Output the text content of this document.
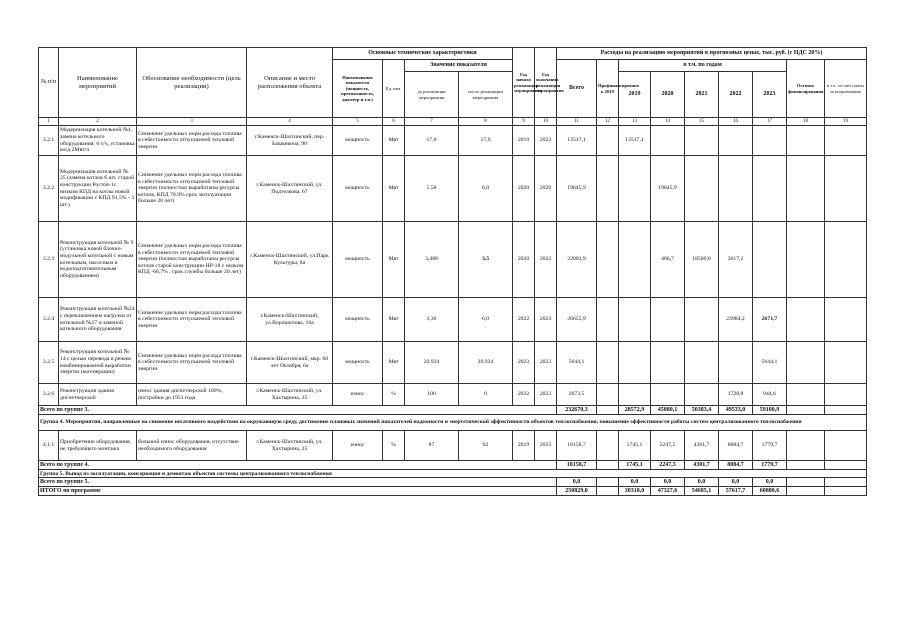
№ п/п	Наименование мероприятий	Обоснование необходимости (цель реализации)	Описание и место расположения объекта	Основные технические характеристики				Год начала реализации мероприятия	Год окончания реализации мероприятия	Расходы на реализацию мероприятий в прогнозных ценах, тыс. руб. (с НДС 20%)								
				Наименование показателя (мощность, протяженность, диаметр и т.п.)	Ед. изм.	Значение показателя				Всего	Профинансировано к 2019	в т.ч. по годам					Остаток финансирования	в т.ч. за счет платы за подключение
						до реализации мероприятия	после реализации мероприятия					2019	2020	2021	2022	2023		
1	2	3	4	5	6	7	8	9	10	11	12	13	14	15	16	17	18	19
3.2.1	Модернизация котельной №1, замена котельного оборудования: 6 т/ч, установка когд 2Мвт/ч	Снижение удельных норм расхода топлива в себестоимости отпускаемой тепловой энергии	г.Каменск-Шахтинский, пер. Башкевича, 90	мощность	Мвт	17,0	17,0	2019	2023	13517,1		13517,1						
3.2.2	Модернизация котельной № 25 (замена котлов 6 шт. старой конструкции Ростов-1с низким КПД на котлы новой модификации с КПД 91,5% - 3 шт.)	Снижение удельных норм расхода топлива в себестоимости отпускаемой тепловой энергии (полностью выработаны ресурсы котлов, КПД 78.9% срок эксплуатации больше 20 лет)	г.Каменск-Шахтинский, ул. Подтелкова, 67	мощность	Мвт	5,58	6,0	2020	2020	19645,9			19645,9					
3.2.3	Реконструкция котельной № 9 (установка новой блочно-модульной котельной с новым котельным, насосным и водоподготовительным оборудованием)	Снижение удельных норм расхода топлива в себестоимости отпускаемой тепловой энергии (полностью выработаны ресурсы котлов старой конструкции НР-18 с низким КПД -68,7% , срок службы больше 20 лет)	г.Каменск-Шахтинский, ул.Парк Культуры, 8а	мощность	Мвт	3,488	3,5	2020	2022	22003,9			486,7	18500,0	3017,2			
3.2.4	Реконструкция котельной №24 с переключением нагрузки от котельной №27 и заменой котельного оборудования	Снижение удельных норм расхода топлива в себестоимости отпускаемой тепловой энергии	г.Каменск-Шахтинский, ул.Ворошилова, 16а	мощность	Мвт	3,36	6,0	2022	2023	26655,9					23984,2	2671,7		
3.2.5	Реконструкция котельной № 14 с целью перевода в режим комбинированной выработки энергии (когенерации)	Снижение удельных норм расхода топлива в себестоимости отпускаемой тепловой энергии	г.Каменск-Шахтинский, мкр. 60 лет Октября, 6а	мощность	Мвт	20,934	20,934	2023	2023	5644,1						5644,1		
3.2.6	Реконструкция здания диспетчерской	износ здания диспетчерской 100%, постройки до 1951 года	г.Каменск-Шахтинский, ул. Хахтырина, 25	износ	%	100	0	2022	2023	2673,5					1728,8	944,6		
Всего по группе 3.										232670,3		28572,9	45080,1	50383,4	49533,0	59100,9		
Группа 4. Мероприятия, направленные на снижение негативного воздействия на окружающую среду, достижение плановых значений показателей надежности и энергетической эффективности объектов теплоснабжения, повышение эффективности работы систем централизованного теплоснабжения																		
4.1.1	Приобретение оборудования, не требующего монтажа	большой износ оборудования, отсутствие необходимого оборудования	г.Каменск-Шахтинский, ул. Хахтырина, 25	износ	%	87	62	2019	2023	18158,7		1745,1	2247,5	4301,7	8084,7	1779,7		
Всего по группе 4.										18158,7		1745,1	2247,5	4301,7	8084,7	1779,7		
Группа 5. Вывод из эксплуатации, консервация и демонтаж объектов системы централизованного теплоснабжения																		
Всего по группе 5.										0,0		0,0	0,0	0,0	0,0	0,0		
ИТОГО по программе										250829,0		30318,0	47327,6	54685,1	57617,7	60880,6		
